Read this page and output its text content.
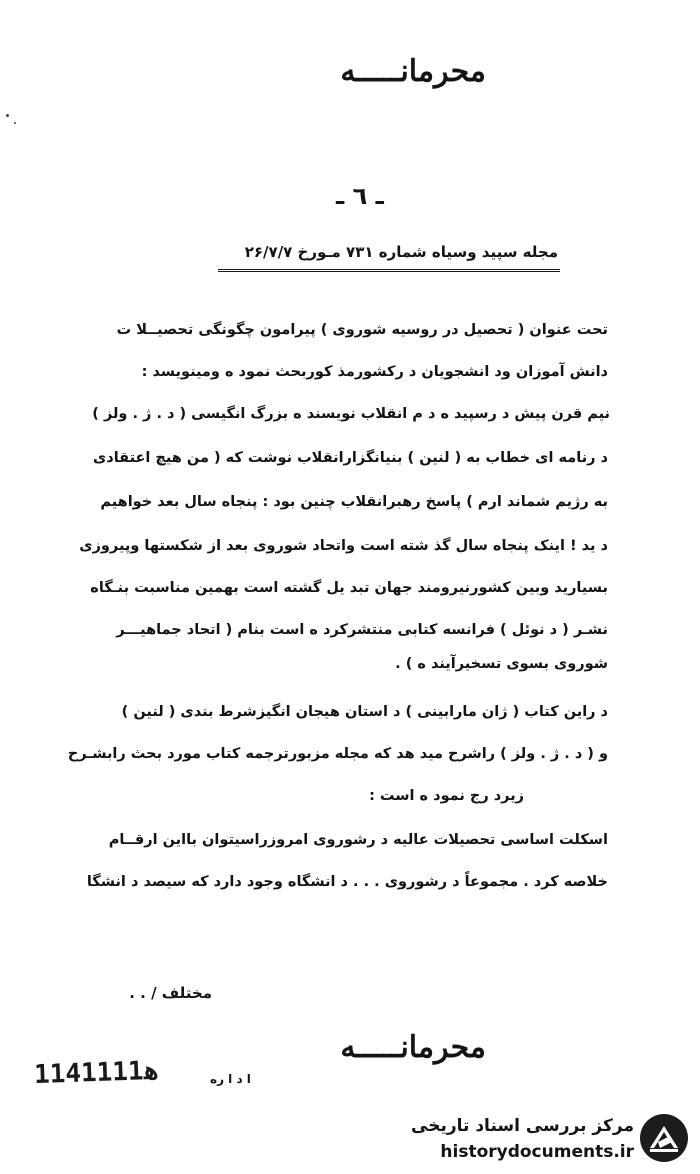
محرمانـــــه
ـ ٦ ـ
مجله سپید وسیاه شماره ۷۳۱ مـورخ ۲۶/۷/۷
تحت عنوان ( تحصیل در روسیه شوروی ) پیرامون چگونگی تحصیــلا ت
دانش آموزان ود انشجویان د رکشورمذ کوربحث نمود ه ومینویسد :
نیم قرن پیش د رسپید ه د م انقلاب نویسند ه بزرگ انگیسی ( د . ژ . ولز )
د رنامه ای خطاب به ( لنین ) بنیانگزارانقلاب نوشت که ( من هیچ اعتقادی
به رژیم شماند ارم ) پاسخ رهبرانقلاب چنین بود : پنجاه سال بعد خواهیم
د ید ! اینک پنجاه سال گذ شته است واتحاد شوروی بعد از شکستها وپیروزی
بسیارید وبین کشورنیرومند جهان تبد یل گشته است بهمین مناسبت بنـگاه
نشـر ( د نوئل ) فرانسه کتابی منتشرکرد ه است بنام ( اتحاد جماهیـــر
شوروی بسوی تسخیرآیند ه ) .
د راین کتاب ( ژان مارابینی ) د استان هیجان انگیزشرط بندی ( لنین )
و ( د . ژ . ولز ) راشرح مید هد که مجله مزبورترجمه کتاب مورد بحث رابشـرح
زیرد رج نمود ه است :
اسکلت اساسی تحصیلات عالیه د رشوروی امروزراسیتوان بااین ارقــام
خلاصه کرد . مجموعاً د رشوروی . . . د انشگاه وجود دارد که سیصد د انشگا
مختلف / . .
محرمانـــــه
ﻫ1141111	ا د ا ره
مرکز بررسی اسناد تاریخی
historydocuments.ir
